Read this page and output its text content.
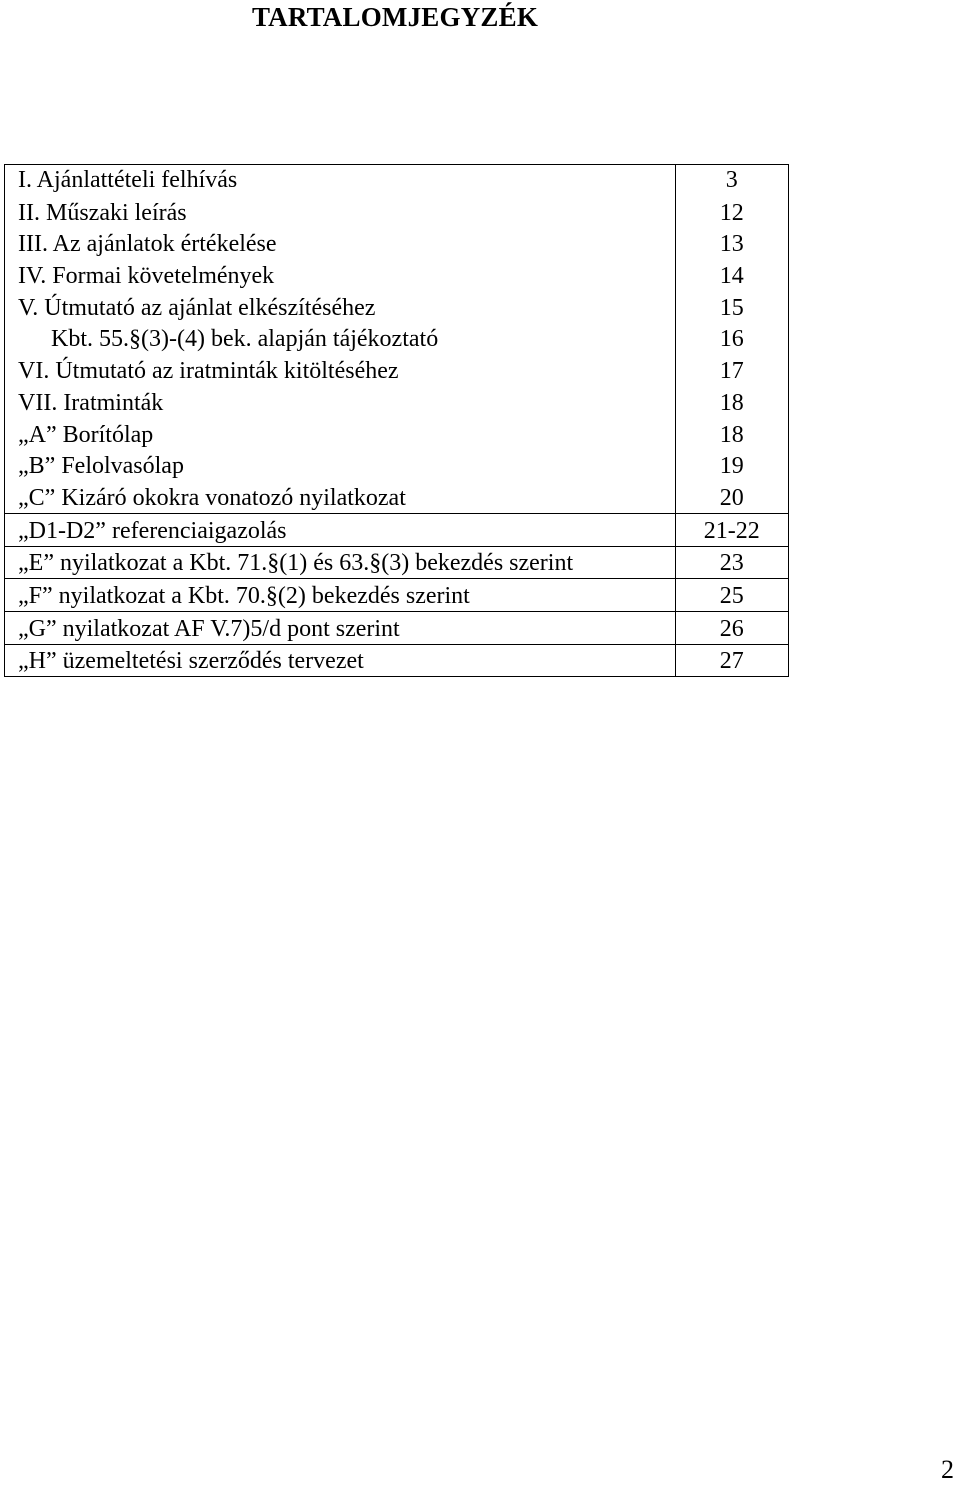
TARTALOMJEGYZÉK
I. Ajánlattételi felhívás	3
II. Műszaki leírás	12
III. Az ajánlatok értékelése	13
IV. Formai követelmények	14
V. Útmutató az ajánlat elkészítéséhez	15
Kbt. 55.§(3)-(4) bek. alapján tájékoztató	16
VI. Útmutató az iratminták kitöltéséhez	17
VII. Iratminták	18
„A” Borítólap	18
„B” Felolvasólap	19
„C” Kizáró okokra vonatozó nyilatkozat	20
„D1-D2” referenciaigazolás	21-22
„E” nyilatkozat a Kbt. 71.§(1) és 63.§(3) bekezdés szerint	23
„F” nyilatkozat a Kbt. 70.§(2) bekezdés szerint	25
„G” nyilatkozat AF V.7)5/d pont szerint	26
„H” üzemeltetési szerződés tervezet	27
2
